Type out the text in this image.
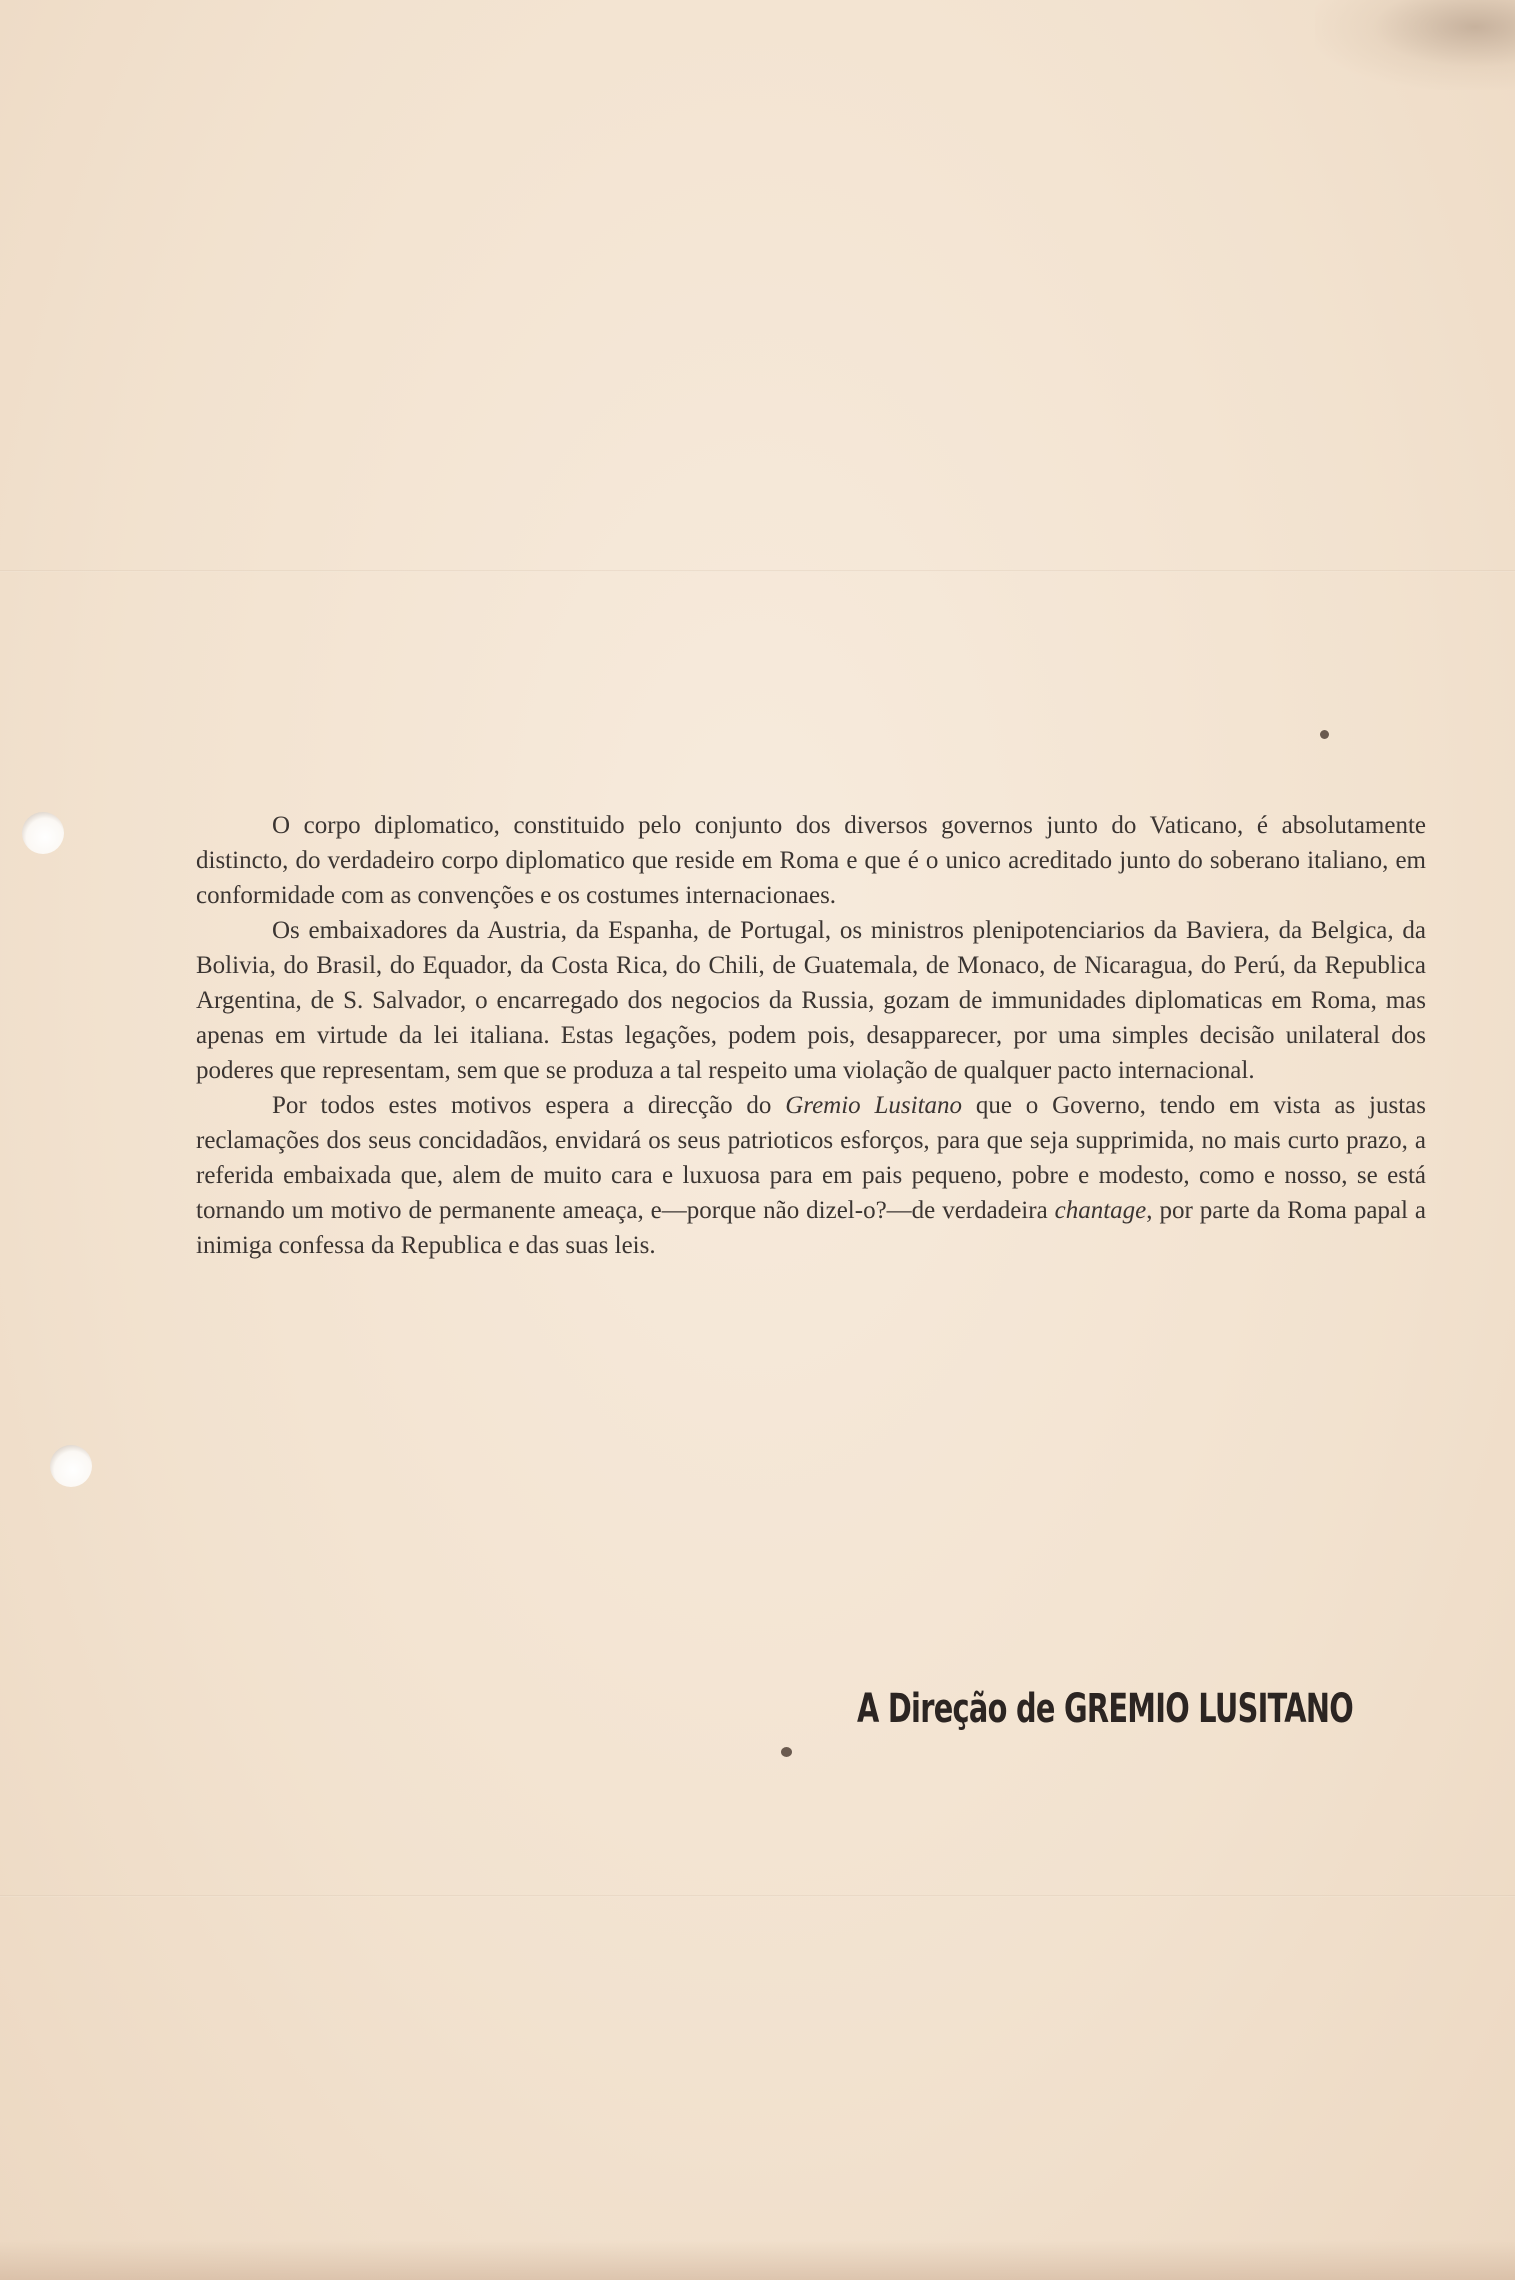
O corpo diplomatico, constituido pelo conjunto dos diversos governos junto do Vaticano, é absolutamente distincto, do verdadeiro corpo diplomatico que reside em Roma e que é o unico acreditado junto do soberano italiano, em conformidade com as convenções e os costumes internacionaes.

Os embaixadores da Austria, da Espanha, de Portugal, os ministros plenipotenciarios da Baviera, da Belgica, da Bolivia, do Brasil, do Equador, da Costa Rica, do Chili, de Guatemala, de Monaco, de Nicaragua, do Perú, da Republica Argentina, de S. Salvador, o encarregado dos negocios da Russia, gozam de immunidades diplomaticas em Roma, mas apenas em virtude da lei italiana. Estas legações, podem pois, desapparecer, por uma simples decisão unilateral dos poderes que representam, sem que se produza a tal respeito uma violação de qualquer pacto internacional.

Por todos estes motivos espera a direcção do Gremio Lusitano que o Governo, tendo em vista as justas reclamações dos seus concidadãos, envidará os seus patrioticos esforços, para que seja supprimida, no mais curto prazo, a referida embaixada que, alem de muito cara e luxuosa para em pais pequeno, pobre e modesto, como e nosso, se está tornando um motivo de permanente ameaça, e—porque não dizel-o?—de verdadeira chantage, por parte da Roma papal a inimiga confessa da Republica e das suas leis.

A Direção de GREMIO LUSITANO
